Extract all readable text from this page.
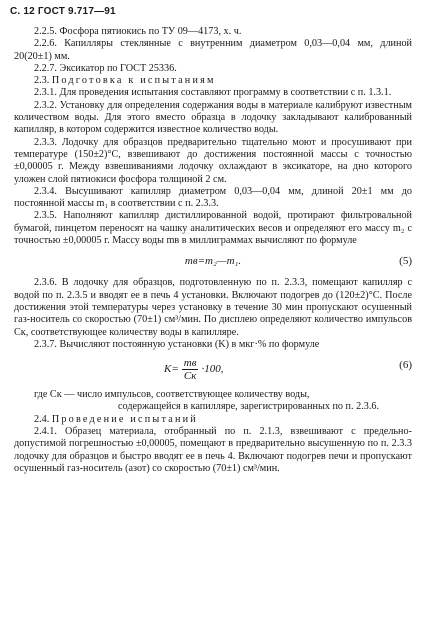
С. 12 ГОСТ 9.717—91

2.2.5. Фосфора пятиокись по ТУ 09—4173, х. ч.

2.2.6. Капилляры стеклянные с внутренним диаметром 0,03—0,04 мм, длиной 20(20±1) мм.

2.2.7. Эксикатор по ГОСТ 25336.

2.3. Подготовка к испытаниям

2.3.1. Для проведения испытания составляют программу в соответствии с п. 1.3.1.

2.3.2. Установку для определения содержания воды в материале калибруют известным количеством воды. Для этого вместо образца в лодочку закладывают калиброванный капилляр, в котором содержится известное количество воды.

2.3.3. Лодочку для образцов предварительно тщательно моют и просушивают при температуре (150±2)°С, взвешивают до достижения постоянной массы с точностью ±0,00005 г. Между взвешиваниями лодочку охлаждают в эксикаторе, на дно которого уложен слой пятиокиси фосфора толщиной 2 см.

2.3.4. Высушивают капилляр диаметром 0,03—0,04 мм, длиной 20±1 мм до постоянной массы m₁ в соответствии с п. 2.3.3.

2.3.5. Наполняют капилляр дистиллированной водой, протирают фильтровальной бумагой, пинцетом переносят на чашку аналитических весов и определяют его массу m₂ с точностью ±0,00005 г. Массу воды mв в миллиграммах вычисляют по формуле

mв=m₂—m₁.	(5)

2.3.6. В лодочку для образцов, подготовленную по п. 2.3.3, помещают капилляр с водой по п. 2.3.5 и вводят ее в печь 4 установки. Включают подогрев до (120±2)°С. После достижения этой температуры через установку в течение 30 мин пропускают осушенный газ-носитель со скоростью (70±1) см³/мин. По дисплею определяют количество импульсов Cк, соответствующее количеству воды в капилляре.

2.3.7. Вычисляют постоянную установки (K) в мкг·% по формуле

K=
mв
Cк
·100,	(6)

где Cк — число импульсов, соответствующее количеству воды,

содержащейся в капилляре, зарегистрированных по п. 2.3.6.

2.4. Проведение испытаний

2.4.1. Образец материала, отобранный по п. 2.1.3, взвешивают с предельно-допустимой погрешностью ±0,00005, помещают в предварительно высушенную по п. 2.3.3 лодочку для образцов и быстро вводят ее в печь 4. Включают подогрев печи и пропускают осушенный газ-носитель (азот) со скоростью (70±1) см³/мин.
